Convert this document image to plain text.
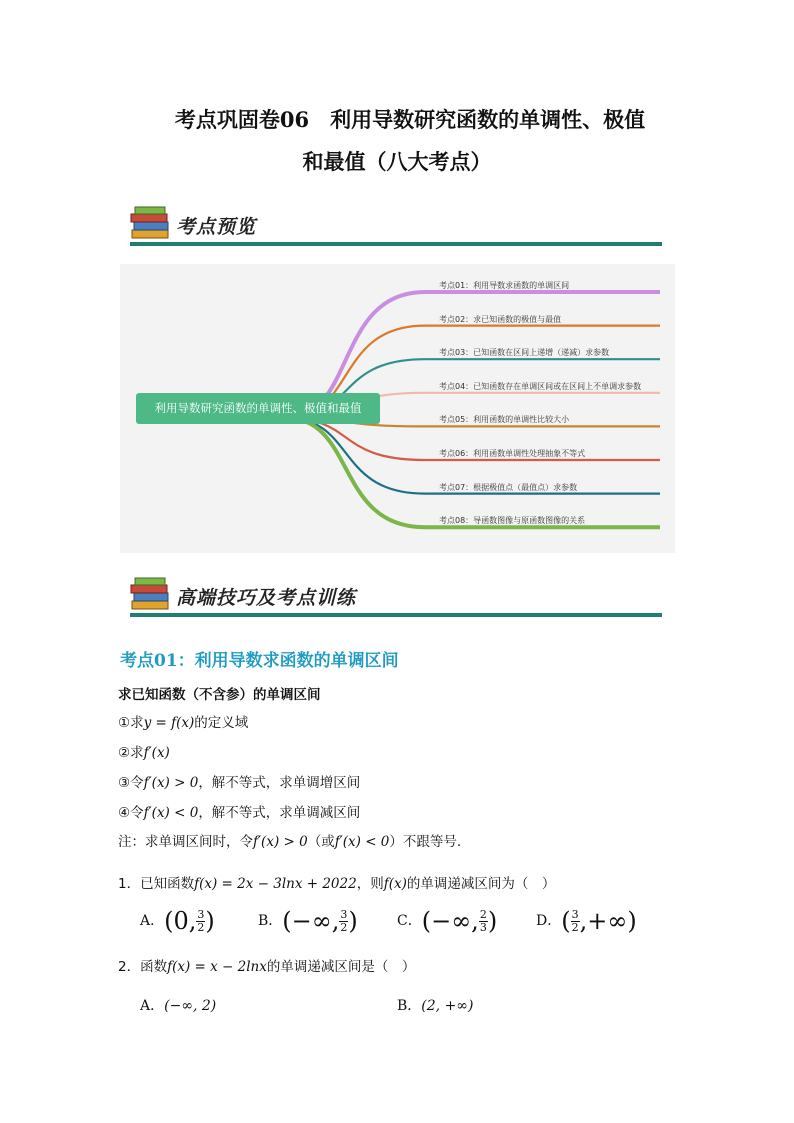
考点巩固卷06　利用导数研究函数的单调性、极值
和最值（八大考点）
考点预览
利用导数研究函数的单调性、极值和最值
考点01：利用导数求函数的单调区间
考点02：求已知函数的极值与最值
考点03：已知函数在区间上递增（递减）求参数
考点04：已知函数存在单调区间或在区间上不单调求参数
考点05：利用函数的单调性比较大小
考点06：利用函数单调性处理抽象不等式
考点07：根据极值点（最值点）求参数
考点08：导函数图像与原函数图像的关系
高端技巧及考点训练
考点01：利用导数求函数的单调区间
求已知函数（不含参）的单调区间
①求y = f(x)的定义域
②求f′(x)
③令f′(x) > 0，解不等式，求单调增区间
④令f′(x) < 0，解不等式，求单调减区间
注：求单调区间时，令f′(x) > 0（或f′(x) < 0）不跟等号.
1．已知函数f(x) = 2x − 3lnx + 2022，则f(x)的单调递减区间为（　）
A．(0, $\frac{3}{2}$ )	B．(−∞, $\frac{3}{2}$ )	C．(−∞, $\frac{2}{3}$ )	D．( $\frac{3}{2}$ ,+∞)
2．函数f(x) = x − 2lnx的单调递减区间是（　）
A．(−∞, 2)	B．(2, +∞)
